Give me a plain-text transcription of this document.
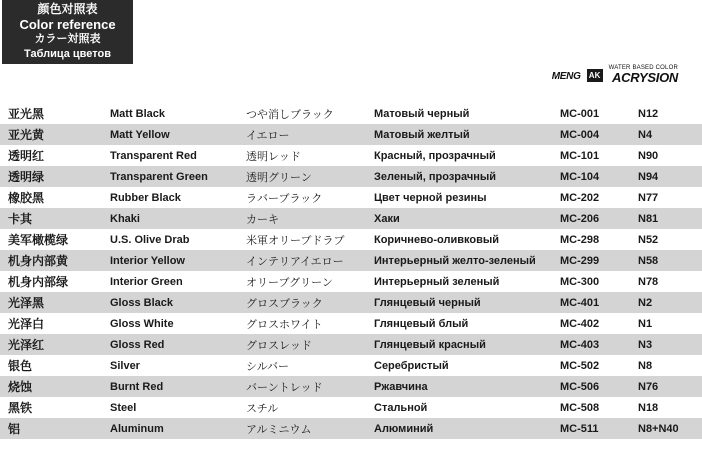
颜色对照表
Color reference
カラー対照表
Таблица цветов
MENG AK
WATER BASED COLOR
ACRYSION
亚光黑	Matt Black	つや消しブラック	Матовый черный	MC-001	N12
亚光黄	Matt Yellow	イエロー	Матовый желтый	MC-004	N4
透明红	Transparent Red	透明レッド	Красный, прозрачный	MC-101	N90
透明绿	Transparent Green	透明グリーン	Зеленый, прозрачный	MC-104	N94
橡胶黑	Rubber Black	ラバーブラック	Цвет черной резины	MC-202	N77
卡其	Khaki	カーキ	Хаки	MC-206	N81
美军橄榄绿	U.S. Olive Drab	米軍オリーブドラブ	Коричнево-оливковый	MC-298	N52
机身内部黄	Interior Yellow	インテリアイエロー	Интерьерный желто-зеленый	MC-299	N58
机身内部绿	Interior Green	オリーブグリーン	Интерьерный зеленый	MC-300	N78
光泽黑	Gloss Black	グロスブラック	Глянцевый черный	MC-401	N2
光泽白	Gloss White	グロスホワイト	Глянцевый блый	MC-402	N1
光泽红	Gloss Red	グロスレッド	Глянцевый красный	MC-403	N3
银色	Silver	シルバー	Серебристый	MC-502	N8
烧蚀	Burnt Red	バーントレッド	Ржавчина	MC-506	N76
黑铁	Steel	スチル	Стальной	MC-508	N18
铝	Aluminum	アルミニウム	Алюминий	MC-511	N8+N40
